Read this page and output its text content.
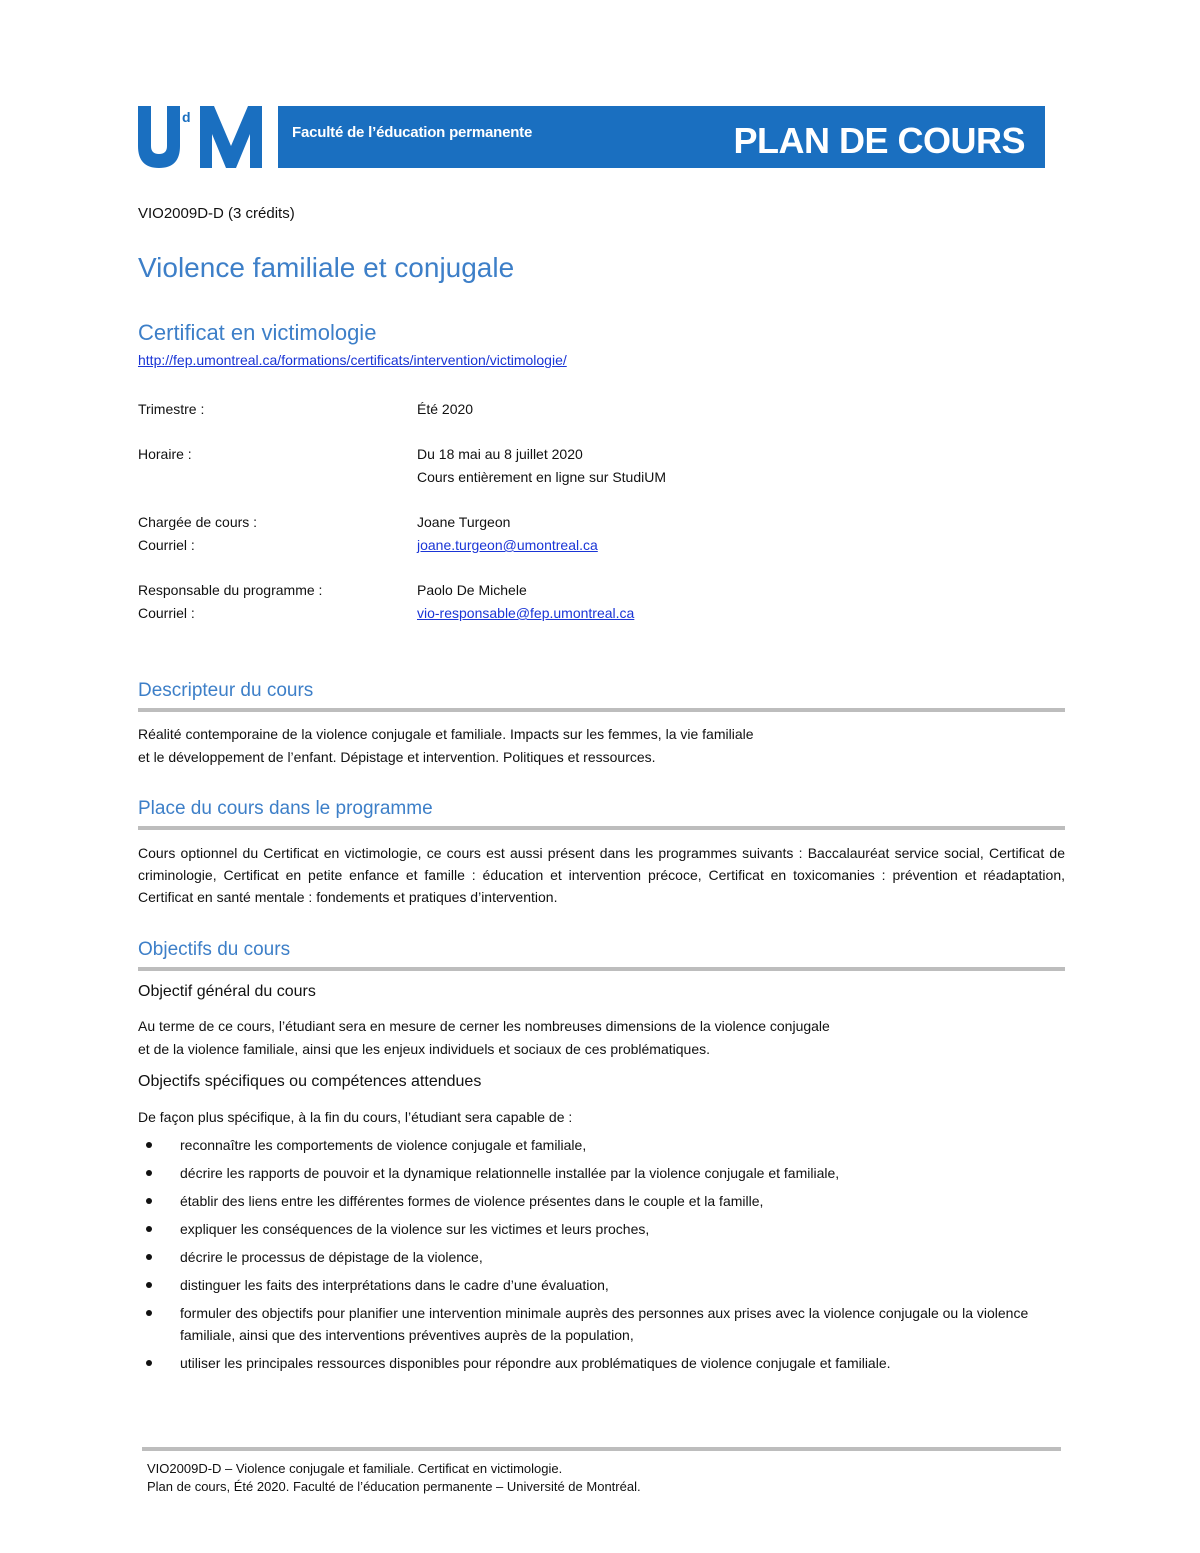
d
Faculté de l’éducation permanente	PLAN DE COURS
VIO2009D-D (3 crédits)
Violence familiale et conjugale
Certificat en victimologie
http://fep.umontreal.ca/formations/certificats/intervention/victimologie/
Trimestre :	Été 2020
Horaire :	Du 18 mai au 8 juillet 2020
Cours entièrement en ligne sur StudiUM
Chargée de cours :	Joane Turgeon
Courriel :	joane.turgeon@umontreal.ca
Responsable du programme :	Paolo De Michele
Courriel :	vio-responsable@fep.umontreal.ca
Descripteur du cours
Réalité contemporaine de la violence conjugale et familiale. Impacts sur les femmes, la vie familiale
et le développement de l’enfant. Dépistage et intervention. Politiques et ressources.
Place du cours dans le programme
Cours optionnel du Certificat en victimologie, ce cours est aussi présent dans les programmes suivants : Baccalauréat service social, Certificat de criminologie, Certificat en petite enfance et famille : éducation et intervention précoce, Certificat en toxicomanies : prévention et réadaptation, Certificat en santé mentale : fondements et pratiques d’intervention.
Objectifs du cours
Objectif général du cours
Au terme de ce cours, l’étudiant sera en mesure de cerner les nombreuses dimensions de la violence conjugale
et de la violence familiale, ainsi que les enjeux individuels et sociaux de ces problématiques.
Objectifs spécifiques ou compétences attendues
De façon plus spécifique, à la fin du cours, l’étudiant sera capable de :
reconnaître les comportements de violence conjugale et familiale,
décrire les rapports de pouvoir et la dynamique relationnelle installée par la violence conjugale et familiale,
établir des liens entre les différentes formes de violence présentes dans le couple et la famille,
expliquer les conséquences de la violence sur les victimes et leurs proches,
décrire le processus de dépistage de la violence,
distinguer les faits des interprétations dans le cadre d’une évaluation,
formuler des objectifs pour planifier une intervention minimale auprès des personnes aux prises avec la violence conjugale ou la violence familiale, ainsi que des interventions préventives auprès de la population,
utiliser les principales ressources disponibles pour répondre aux problématiques de violence conjugale et familiale.
VIO2009D-D – Violence conjugale et familiale. Certificat en victimologie.
Plan de cours, Été 2020. Faculté de l’éducation permanente – Université de Montréal.
